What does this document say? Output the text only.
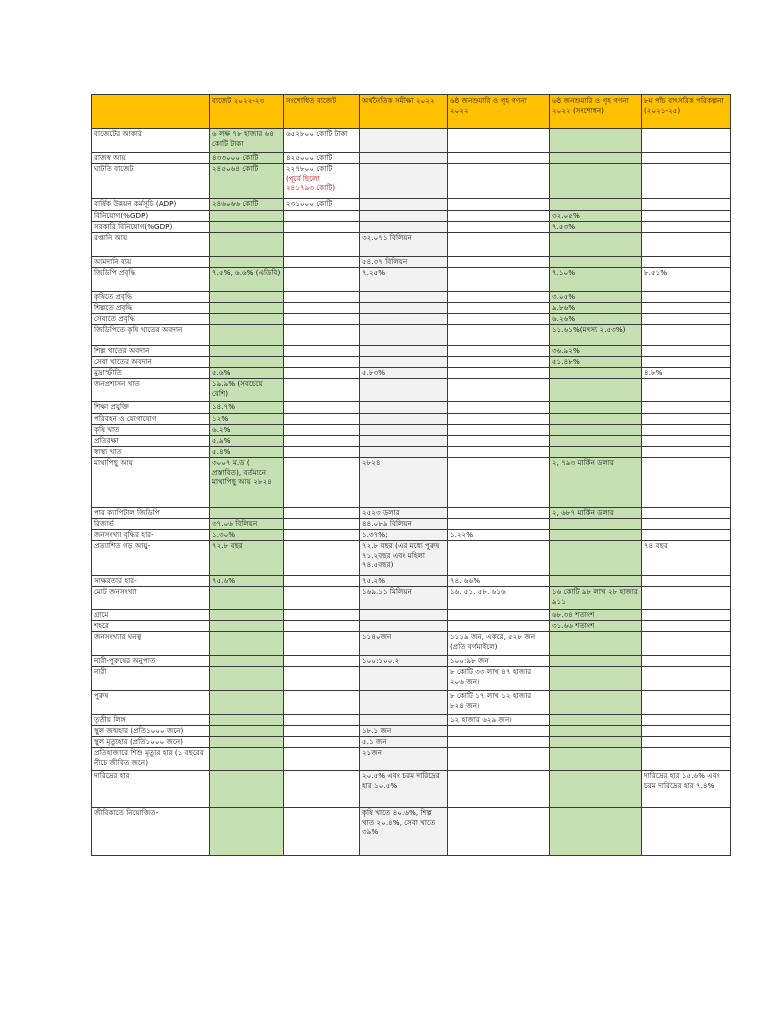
	বাজেট ২০২২-২৩	সংশোধিত বাজেট	অর্থনৈতিক সমীক্ষা ২০২২	৬ষ্ঠ জনশুমারি ও গৃহ গণনা ২০২২	৬ষ্ঠ জনশুমারি ও গৃহ গণনা ২০২২ (সংশোধন)	৮ম পাঁচ বাৎসরিক পরিকল্পনা (২০২১-২৫)
বাজেটের আকার	৬ লক্ষ ৭৮ হাজার ৬৪ কোটি টাকা	৬৫২৮০০ কোটি টাকা				
রাজস্ব আয়	৪৩৩০০০ কোটি	৪২৫০০০ কোটি				
ঘাটতি বাজেট	২৪৫০৬৪ কোটি	২২৭৮০০ কোটি
(পূর্বে ছিলো
২৪১৭৯৩ কোটি)				

বার্ষিক উন্নয়ন কর্মসূচি (ADP)	২৪৬০৬৬ কোটি	২৩১০০০ কোটি				
বিনিয়োগ(%GDP)					৩২.০৫%	
সরকারি বিনিয়োগ(%GDP)					৭.৫৩%	
রপ্তানি আয়			৩২.০৭১ বিলিয়ন			
আমদানি ব্যয়			৫৪.৩৭ বিলিয়ন			
জিডিপি প্রবৃদ্ধি	৭.৫%, ৬.৬% (এডিবি)		৭.২৫%		৭.১০%	৮.৫১%
কৃষিতে প্রবৃদ্ধি					৩.০৫%	
শিল্পতে প্রবৃদ্ধি					৯.৮৬%	
সেবাতে প্রবৃদ্ধি					৬.২৬%	
জিডিপিতে কৃষি খাতের অবদান					১১.৬১%(মৎস্য ২.৫৩%)	
শিল্প খাতের অবদান					৩৬.৯২%	
সেবা খাতের অবদান					৫১.৪৮%	
মুদ্রাস্ফীতি	৫.৬%		৫.৮৩%			৪.৮%
জনপ্রশাসন খাত	১৯.৯% (সবচেয়ে বেশি)					
শিক্ষা প্রযুক্তি	১৪.৭%					
পরিবহন ও যোগাযোগ	১২%					
কৃষি খাত	৬.২%					
প্রতিরক্ষা	৫.৯%					
স্বাস্থ্য খাত	৫.৪%					
মাথাপিছু আয়	৩০০৭ ম.ড ( প্রস্তাবিত), বর্তমানে মাথাপিছু আয় ২৮২৪		২৮২৪		২, ৭৯৩ মার্কিন ডলার	
পার ক্যাপিটাল জিডিপি			২৫২৩ ডলার		২, ৬৮৭ মার্কিন ডলার	
রিজার্ভ	৩৭.০৬ বিলিয়ন		৪৪.০৮৯ বিলিয়ন			
জনসংখ্যা বৃদ্ধির হার-	১.৩০%		১.৩৭%;	১.২২%		
প্রত্যাশিত গড় আয়ু-	৭২.৮ বছর		৭২.৮ বছর (এর মধ্যে পুরুষ ৭১.২বছর এবং মহিলা ৭৪.৫বছর)			৭৪ বছর
সাক্ষরতার হার-	৭৫.৬%		৭৫.২%	৭৪. ৬৬%		
মোট জনসংখ্যা			১৬৯.১১ মিলিয়ন	১৬. ৫১. ৫৮. ৬১৬	১৬ কোটি ৯৮ লাখ ২৮ হাজার ৯১১	
গ্রামে					৬৮.৩৪ শতাংশ	
শহরে					৩১.৬৬ শতাংশ	
জনসংখ্যার ঘনত্ব			১১৪০জন	১১১৯ জন, একরে, ৫২৮ জন (প্রতি বর্গমাইলে)		
নারী-পুরুষের অনুপাত			১০০:১০০.২	১০০:৯৮ জন		
নারী				৮ কোটি ৩৩ লাখ ৪৭ হাজার ২০৬ জন।		
পুরুষ				৮ কোটি ১৭ লাখ ১২ হাজার ৮২৪ জন।		
তৃতীয় লিঙ্গ				১২ হাজার ৬২৯ জন।		
স্থুল জন্মহার (প্রতি১০০০ জনে)			১৮.১ জন			
স্থুল মৃত্যুহার (প্রতি১০০০ জনে)			৫.১ জন			
প্রতিহাজারে শিশু মৃত্যুর হার (১ বছরের নীচে জীবিত জনে)			২১জন			
দারিদ্রের হার			২০.৫% এবং চরম দারিদ্রের হার ১০.৫%			দারিদ্রের হার ১৫.৬% এবং চরম দারিদ্রের হার ৭.৪%
জীবিকাতে নিয়োজিত-			কৃষি খাতে ৪০.৬%, শিল্প খাত ২০.৪%, সেবা খাতে ৩৯%			
